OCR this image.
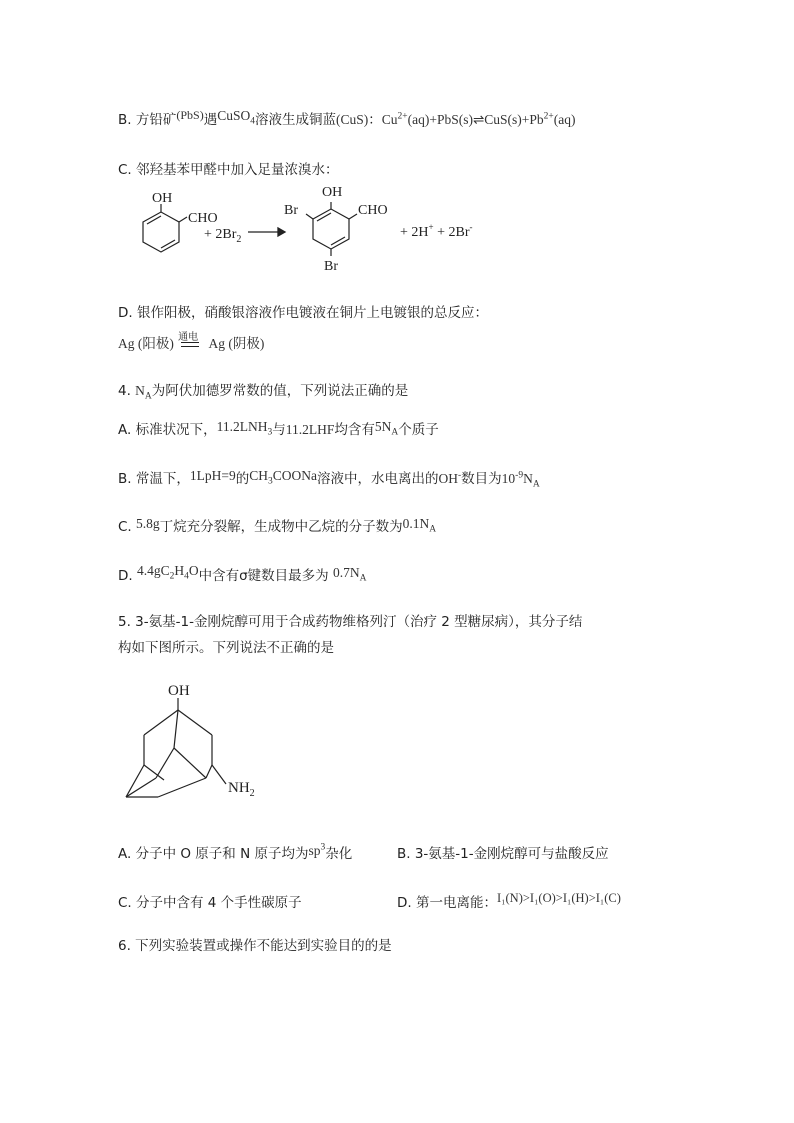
B. 方铅矿(PbS)遇CuSO$_4$溶液生成铜蓝(CuS)：$Cu^{2+}(aq)+PbS(s)\rightleftharpoons CuS(s)+Pb^{2+}(aq)$
C. 邻羟基苯甲醛中加入足量浓溴水：
OH
CHO
+ $2Br_2$
OH
Br	CHO
Br
+ 2H+ + 2Br-
D. 银作阳极，硝酸银溶液作电镀液在铜片上电镀银的总反应：
Ag (阳极) 通电 Ag (阴极)
4. $N_A$为阿伏加德罗常数的值，下列说法正确的是
A. 标准状况下，$11.2LNH_3$与11.2LHF均含有$5N_A$个质子
B. 常温下，1LpH=9的$CH_3COONa$溶液中，水电离出的OH-数目为$10^{-9}N_A$
C. 5.8g丁烷充分裂解，生成物中乙烷的分子数为$0.1N_A$
D. $4.4gC_2H_4O$中含有σ键数目最多为 $0.7N_A$
5. 3-氨基-1-金刚烷醇可用于合成药物维格列汀（治疗 2 型糖尿病），其分子结
构如下图所示。下列说法不正确的是
OH
$NH_2$
A. 分子中 O 原子和 N 原子均为$sp^3$杂化	B. 3-氨基-1-金刚烷醇可与盐酸反应
C. 分子中含有 4 个手性碳原子	D. 第一电离能：I₁(N)>I₁(O)>I₁(H)>I₁(C)
6. 下列实验装置或操作不能达到实验目的的是
